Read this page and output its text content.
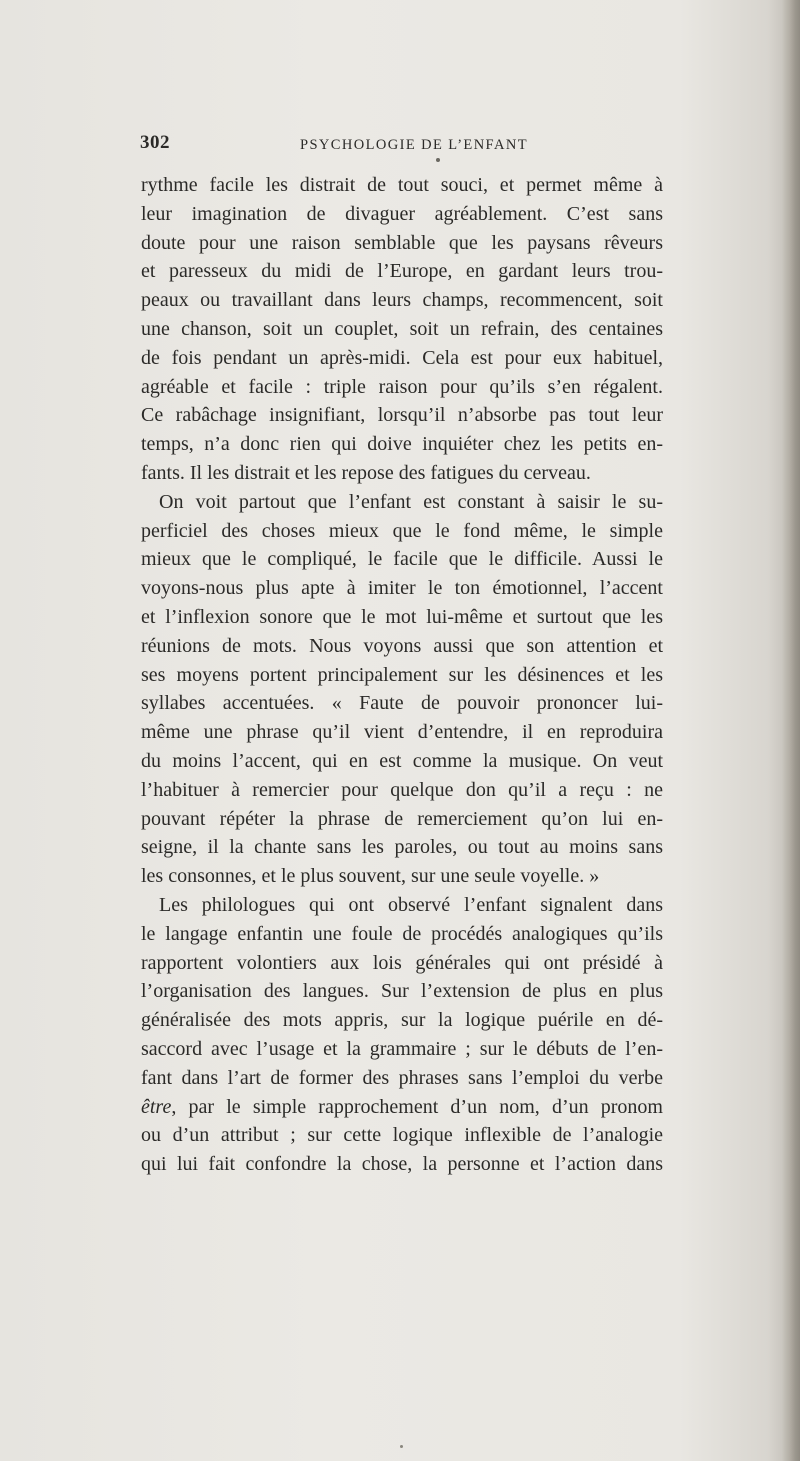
302	PSYCHOLOGIE DE L’ENFANT
rythme facile les distrait de tout souci, et permet même à
leur imagination de divaguer agréablement. C’est sans
doute pour une raison semblable que les paysans rêveurs
et paresseux du midi de l’Europe, en gardant leurs trou-
peaux ou travaillant dans leurs champs, recommencent, soit
une chanson, soit un couplet, soit un refrain, des centaines
de fois pendant un après-midi. Cela est pour eux habituel,
agréable et facile : triple raison pour qu’ils s’en régalent.
Ce rabâchage insignifiant, lorsqu’il n’absorbe pas tout leur
temps, n’a donc rien qui doive inquiéter chez les petits en-
fants. Il les distrait et les repose des fatigues du cerveau.
On voit partout que l’enfant est constant à saisir le su-
perficiel des choses mieux que le fond même, le simple
mieux que le compliqué, le facile que le difficile. Aussi le
voyons-nous plus apte à imiter le ton émotionnel, l’accent
et l’inflexion sonore que le mot lui-même et surtout que les
réunions de mots. Nous voyons aussi que son attention et
ses moyens portent principalement sur les désinences et les
syllabes accentuées. « Faute de pouvoir prononcer lui-
même une phrase qu’il vient d’entendre, il en reproduira
du moins l’accent, qui en est comme la musique. On veut
l’habituer à remercier pour quelque don qu’il a reçu : ne
pouvant répéter la phrase de remerciement qu’on lui en-
seigne, il la chante sans les paroles, ou tout au moins sans
les consonnes, et le plus souvent, sur une seule voyelle. »
Les philologues qui ont observé l’enfant signalent dans
le langage enfantin une foule de procédés analogiques qu’ils
rapportent volontiers aux lois générales qui ont présidé à
l’organisation des langues. Sur l’extension de plus en plus
généralisée des mots appris, sur la logique puérile en dé-
saccord avec l’usage et la grammaire ; sur le débuts de l’en-
fant dans l’art de former des phrases sans l’emploi du verbe
être, par le simple rapprochement d’un nom, d’un pronom
ou d’un attribut ; sur cette logique inflexible de l’analogie
qui lui fait confondre la chose, la personne et l’action dans
